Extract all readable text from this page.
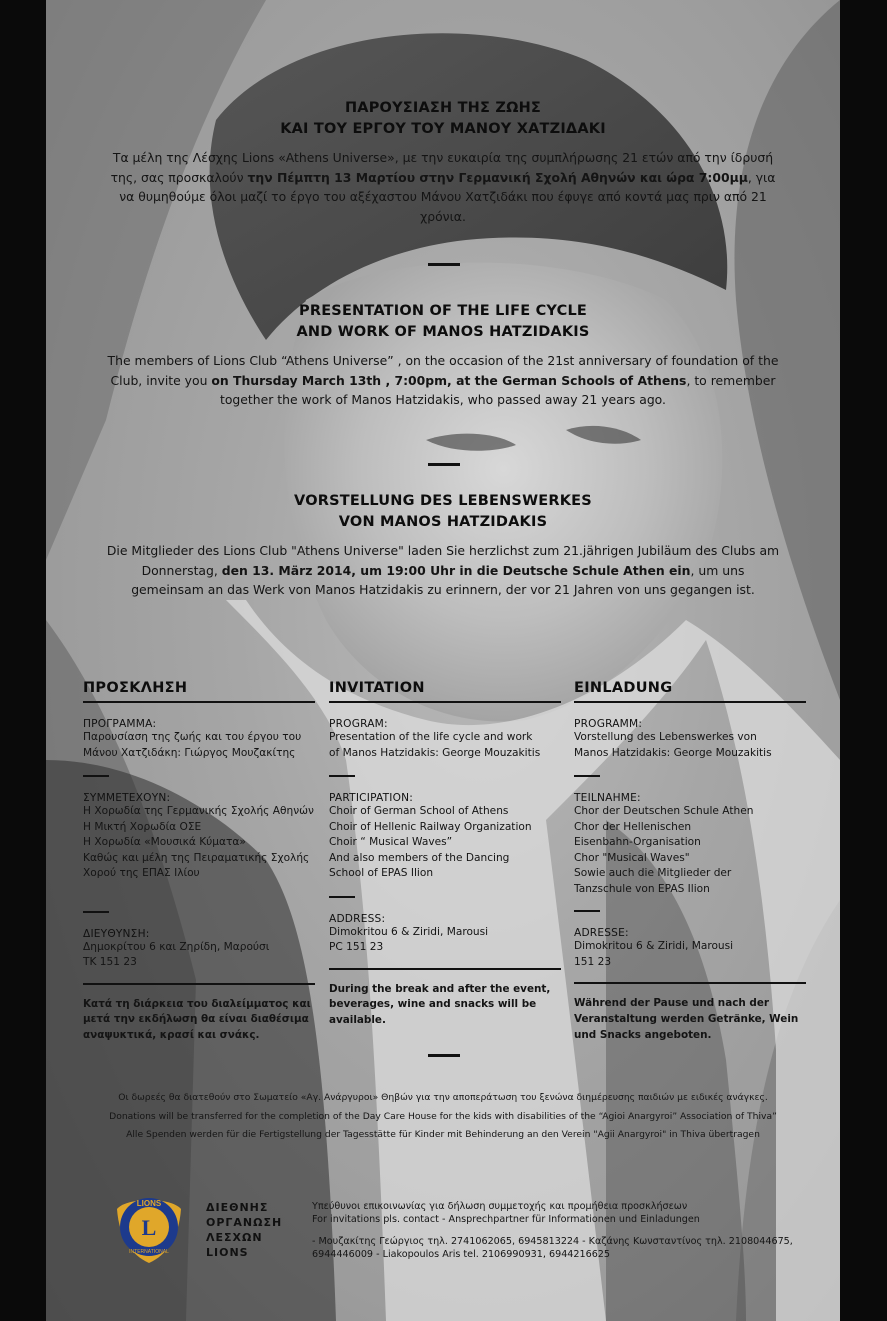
ΠΑΡΟΥΣΙΑΣΗ ΤΗΣ ΖΩΗΣ
ΚΑΙ ΤΟΥ ΕΡΓΟΥ ΤΟΥ ΜΑΝΟΥ ΧΑΤΖΙΔΑΚΙ
Τα μέλη της Λέσχης Lions «Athens Universe», με την ευκαιρία της συμπλήρωσης 21 ετών από την ίδρυσή της, σας προσκαλούν την Πέμπτη 13 Μαρτίου στην Γερμανική Σχολή Αθηνών και ώρα 7:00μμ, για να θυμηθούμε όλοι μαζί το έργο του αξέχαστου Μάνου Χατζιδάκι που έφυγε από κοντά μας πριν από 21 χρόνια.
PRESENTATION OF THE LIFE CYCLE
AND WORK OF MANOS HATZIDAKIS
The members of Lions Club “Athens Universe” , on the occasion of the 21st anniversary of foundation of the Club, invite you on Thursday March 13th , 7:00pm, at the German Schools of Athens, to remember together the work of Manos Hatzidakis, who passed away 21 years ago.
VORSTELLUNG DES LEBENSWERKES
VON MANOS HATZIDAKIS
Die Mitglieder des Lions Club "Athens Universe" laden Sie herzlichst zum 21.jährigen Jubiläum des Clubs am Donnerstag, den 13. März 2014, um 19:00 Uhr in die Deutsche Schule Athen ein, um uns gemeinsam an das Werk von Manos Hatzidakis zu erinnern, der vor 21 Jahren von uns gegangen ist.
ΠΡΟΣΚΛΗΣΗ
ΠΡΟΓΡΑΜΜΑ:
Παρουσίαση της ζωής και του έργου του
Μάνου Χατζιδάκη: Γιώργος Μουζακίτης
ΣΥΜΜΕΤΕΧΟΥΝ:
Η Χορωδία της Γερμανικής Σχολής Αθηνών
Η Μικτή Χορωδία ΟΣΕ
Η Χορωδία «Μουσικά Κύματα»
Καθώς και μέλη της Πειραματικής Σχολής
Χορού της ΕΠΑΣ Ιλίου
ΔΙΕΥΘΥΝΣΗ:
Δημοκρίτου 6 και Ζηρίδη, Μαρούσι
ΤΚ 151 23
Κατά τη διάρκεια του διαλείμματος και μετά την εκδήλωση θα είναι διαθέσιμα αναψυκτικά, κρασί και σνάκς.
INVITATION
PROGRAM:
Presentation of the life cycle and work
of Manos Hatzidakis: George Mouzakitis
PARTICIPATION:
Choir of German School of Athens
Choir of Hellenic Railway Organization
Choir “ Musical Waves”
And also members of the Dancing
School of EPAS Ilion
ADDRESS:
Dimokritou 6 & Ziridi, Marousi
PC 151 23
During the break and after the event, beverages, wine and snacks will be available.
EINLADUNG
PROGRAMM:
Vorstellung des Lebenswerkes von
Manos Hatzidakis: George Mouzakitis
TEILNAHME:
Chor der Deutschen Schule Athen
Chor der Hellenischen
Eisenbahn-Organisation
Chor "Musical Waves"
Sowie auch die Mitglieder der
Tanzschule von EPAS Ilion
ADRESSE:
Dimokritou 6 & Ziridi, Marousi
151 23
Während der Pause und nach der Veranstaltung werden Getränke, Wein und Snacks angeboten.
Οι δωρεές θα διατεθούν στο Σωματείο «Αγ. Ανάργυροι» Θηβών για την αποπεράτωση του ξενώνα διημέρευσης παιδιών με ειδικές ανάγκες.
Donations will be transferred for the completion of the Day Care House for the kids with disabilities of the “Agioi Anargyroi” Association of Thiva”
Alle Spenden werden für die Fertigstellung der Tagesstätte für Kinder mit Behinderung an den Verein "Agii Anargyroi" in Thiva übertragen
L
LIONS
INTERNATIONAL
ΔΙΕΘΝΗΣ
ΟΡΓΑΝΩΣΗ
ΛΕΣΧΩΝ
LIONS
Υπεύθυνοι επικοινωνίας για δήλωση συμμετοχής και προμήθεια προσκλήσεων
For invitations pls. contact - Ansprechpartner für Informationen und Einladungen
- Μουζακίτης Γεώργιος τηλ. 2741062065, 6945813224 - Καζάνης Κωνσταντίνος τηλ. 2108044675,
6944446009 - Liakopoulos Aris tel. 2106990931, 6944216625
